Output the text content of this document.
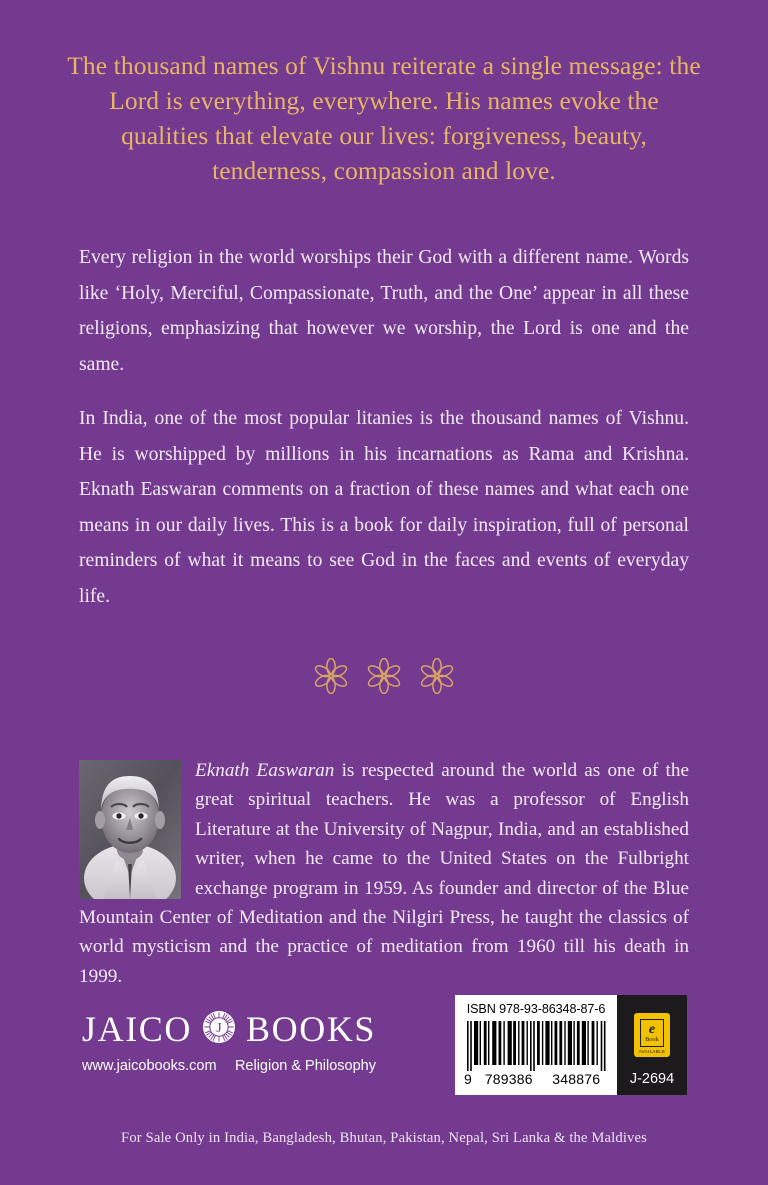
The thousand names of Vishnu reiterate a single message: the Lord is everything, everywhere. His names evoke the qualities that elevate our lives: forgiveness, beauty, tenderness, compassion and love.

Every religion in the world worships their God with a different name. Words like ‘Holy, Merciful, Compassionate, Truth, and the One’ appear in all these religions, emphasizing that however we worship, the Lord is one and the same.

In India, one of the most popular litanies is the thousand names of Vishnu. He is worshipped by millions in his incarnations as Rama and Krishna. Eknath Easwaran comments on a fraction of these names and what each one means in our daily lives. This is a book for daily inspiration, full of personal reminders of what it means to see God in the faces and events of everyday life.

Eknath Easwaran is respected around the world as one of the great spiritual teachers. He was a professor of English Literature at the University of Nagpur, India, and an established writer, when he came to the United States on the Fulbright exchange program in 1959. As founder and director of the Blue Mountain Center of Meditation and the Nilgiri Press, he taught the classics of world mysticism and the practice of meditation from 1960 till his death in 1999.

JAICO J BOOKS
www.jaicobooks.com Religion & Philosophy
ISBN 978-93-86348-87-6
9 789386 348876
e
Book
AVAILABLE
J-2694
For Sale Only in India, Bangladesh, Bhutan, Pakistan, Nepal, Sri Lanka & the Maldives
